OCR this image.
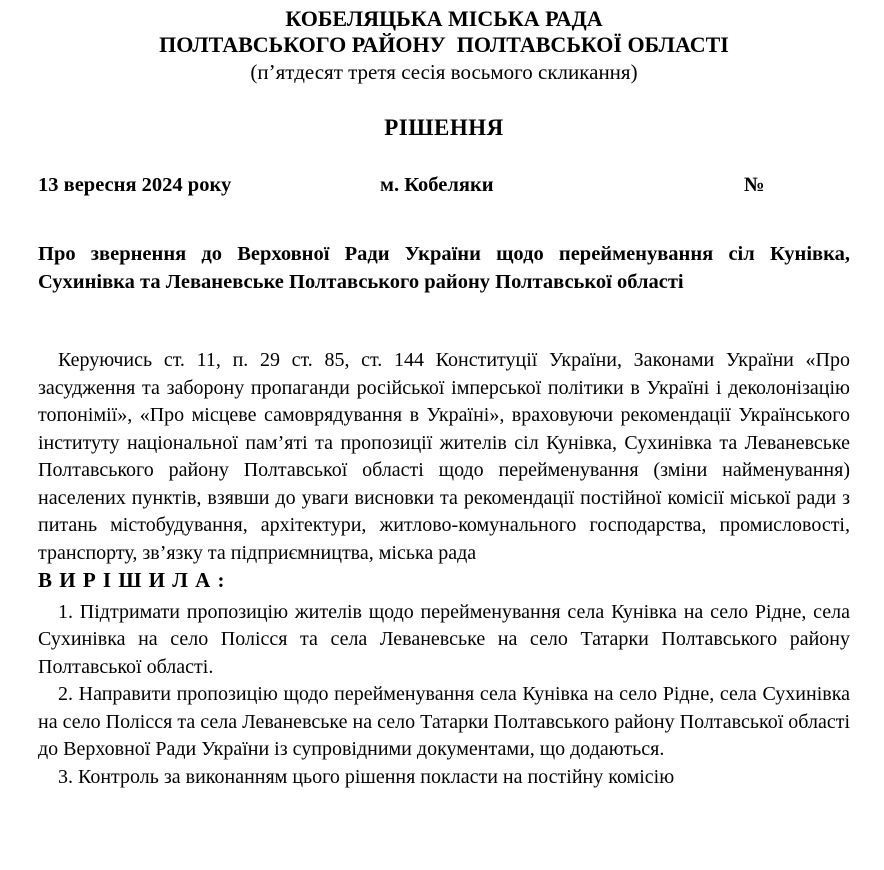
КОБЕЛЯЦЬКА МІСЬКА РАДА
ПОЛТАВСЬКОГО РАЙОНУ  ПОЛТАВСЬКОЇ ОБЛАСТІ
(п’ятдесят третя сесія восьмого скликання)
РІШЕННЯ
13 вересня 2024 року	м. Кобеляки	№

Про звернення до Верховної Ради України щодо перейменування сіл Кунівка, Сухинівка та Леваневське Полтавського району Полтавської області

Керуючись ст. 11, п. 29 ст. 85, ст. 144 Конституції України, Законами України «Про засудження та заборону пропаганди російської імперської політики в Україні і деколонізацію топонімії», «Про місцеве самоврядування в Україні», враховуючи рекомендації Українського інституту національної пам’яті та пропозиції жителів сіл Кунівка, Сухинівка та Леваневське Полтавського району Полтавської області щодо перейменування (зміни найменування) населених пунктів, взявши до уваги висновки та рекомендації постійної комісії міської ради з питань містобудування, архітектури, житлово-комунального господарства, промисловості, транспорту, зв’язку та підприємництва, міська рада

В И Р І Ш И Л А :

1. Підтримати пропозицію жителів щодо перейменування села Кунівка на село Рідне, села Сухинівка на село Полісся та села Леваневське на село Татарки Полтавського району Полтавської області.

2. Направити пропозицію щодо перейменування села Кунівка на село Рідне, села Сухинівка на село Полісся та села Леваневське на село Татарки Полтавського району Полтавської області до Верховної Ради України із супровідними документами, що додаються.

3. Контроль за виконанням цього рішення покласти на постійну комісію
